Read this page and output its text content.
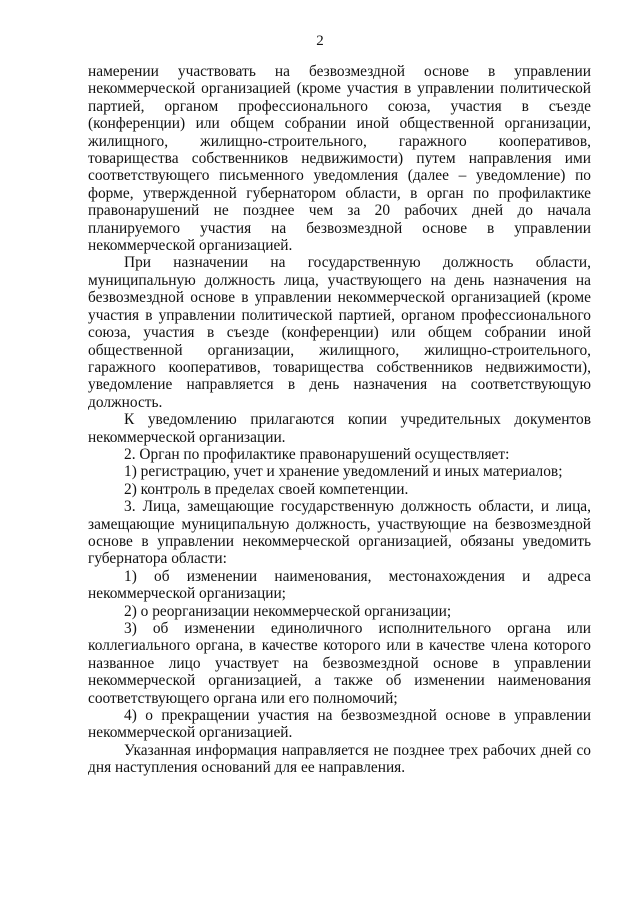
2

намерении участвовать на безвозмездной основе в управлении некоммерческой организацией (кроме участия в управлении политической партией, органом профессионального союза, участия в съезде (конференции) или общем собрании иной общественной организации, жилищного, жилищно-строительного, гаражного кооперативов, товарищества собственников недвижимости) путем направления ими соответствующего письменного уведомления (далее – уведомление) по форме, утвержденной губернатором области, в орган по профилактике правонарушений не позднее чем за 20 рабочих дней до начала планируемого участия на безвозмездной основе в управлении некоммерческой организацией.

При назначении на государственную должность области, муниципальную должность лица, участвующего на день назначения на безвозмездной основе в управлении некоммерческой организацией (кроме участия в управлении политической партией, органом профессионального союза, участия в съезде (конференции) или общем собрании иной общественной организации, жилищного, жилищно-строительного, гаражного кооперативов, товарищества собственников недвижимости), уведомление направляется в день назначения на соответствующую должность.

К уведомлению прилагаются копии учредительных документов некоммерческой организации.

2. Орган по профилактике правонарушений осуществляет:

1) регистрацию, учет и хранение уведомлений и иных материалов;

2) контроль в пределах своей компетенции.

3. Лица, замещающие государственную должность области, и лица, замещающие муниципальную должность, участвующие на безвозмездной основе в управлении некоммерческой организацией, обязаны уведомить губернатора области:

1) об изменении наименования, местонахождения и адреса некоммерческой организации;

2) о реорганизации некоммерческой организации;

3) об изменении единоличного исполнительного органа или коллегиального органа, в качестве которого или в качестве члена которого названное лицо участвует на безвозмездной основе в управлении некоммерческой организацией, а также об изменении наименования соответствующего органа или его полномочий;

4) о прекращении участия на безвозмездной основе в управлении некоммерческой организацией.

Указанная информация направляется не позднее трех рабочих дней со дня наступления оснований для ее направления.
